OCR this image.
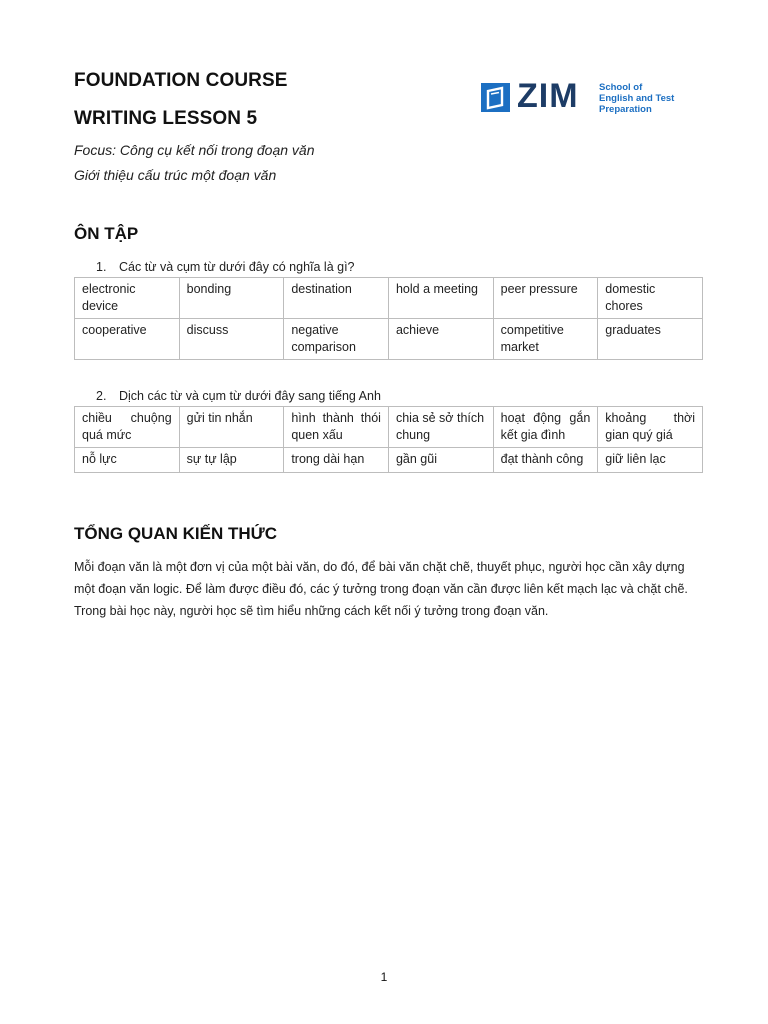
FOUNDATION COURSE
WRITING LESSON 5

Focus: Công cụ kết nối trong đoạn văn

Giới thiệu cấu trúc một đoạn văn

ZIM School of
English and Test
Preparation
ÔN TẬP
1. Các từ và cụm từ dưới đây có nghĩa là gì?
electronic device	bonding	destination	hold a meeting	peer pressure	domestic chores
cooperative	discuss	negative comparison	achieve	competitive market	graduates
2. Dịch các từ và cụm từ dưới đây sang tiếng Anh
chiều chuộng quá mức	gửi tin nhắn	hình thành thói quen xấu	chia sẻ sở thích chung	hoạt động gắn kết gia đình	khoảng thời gian quý giá
nỗ lực	sự tự lập	trong dài hạn	gần gũi	đạt thành công	giữ liên lạc
TỔNG QUAN KIẾN THỨC

Mỗi đoạn văn là một đơn vị của một bài văn, do đó, để bài văn chặt chẽ, thuyết phục, người học cần xây dựng một đoạn văn logic. Để làm được điều đó, các ý tưởng trong đoạn văn cần được liên kết mạch lạc và chặt chẽ. Trong bài học này, người học sẽ tìm hiểu những cách kết nối ý tưởng trong đoạn văn.

1
